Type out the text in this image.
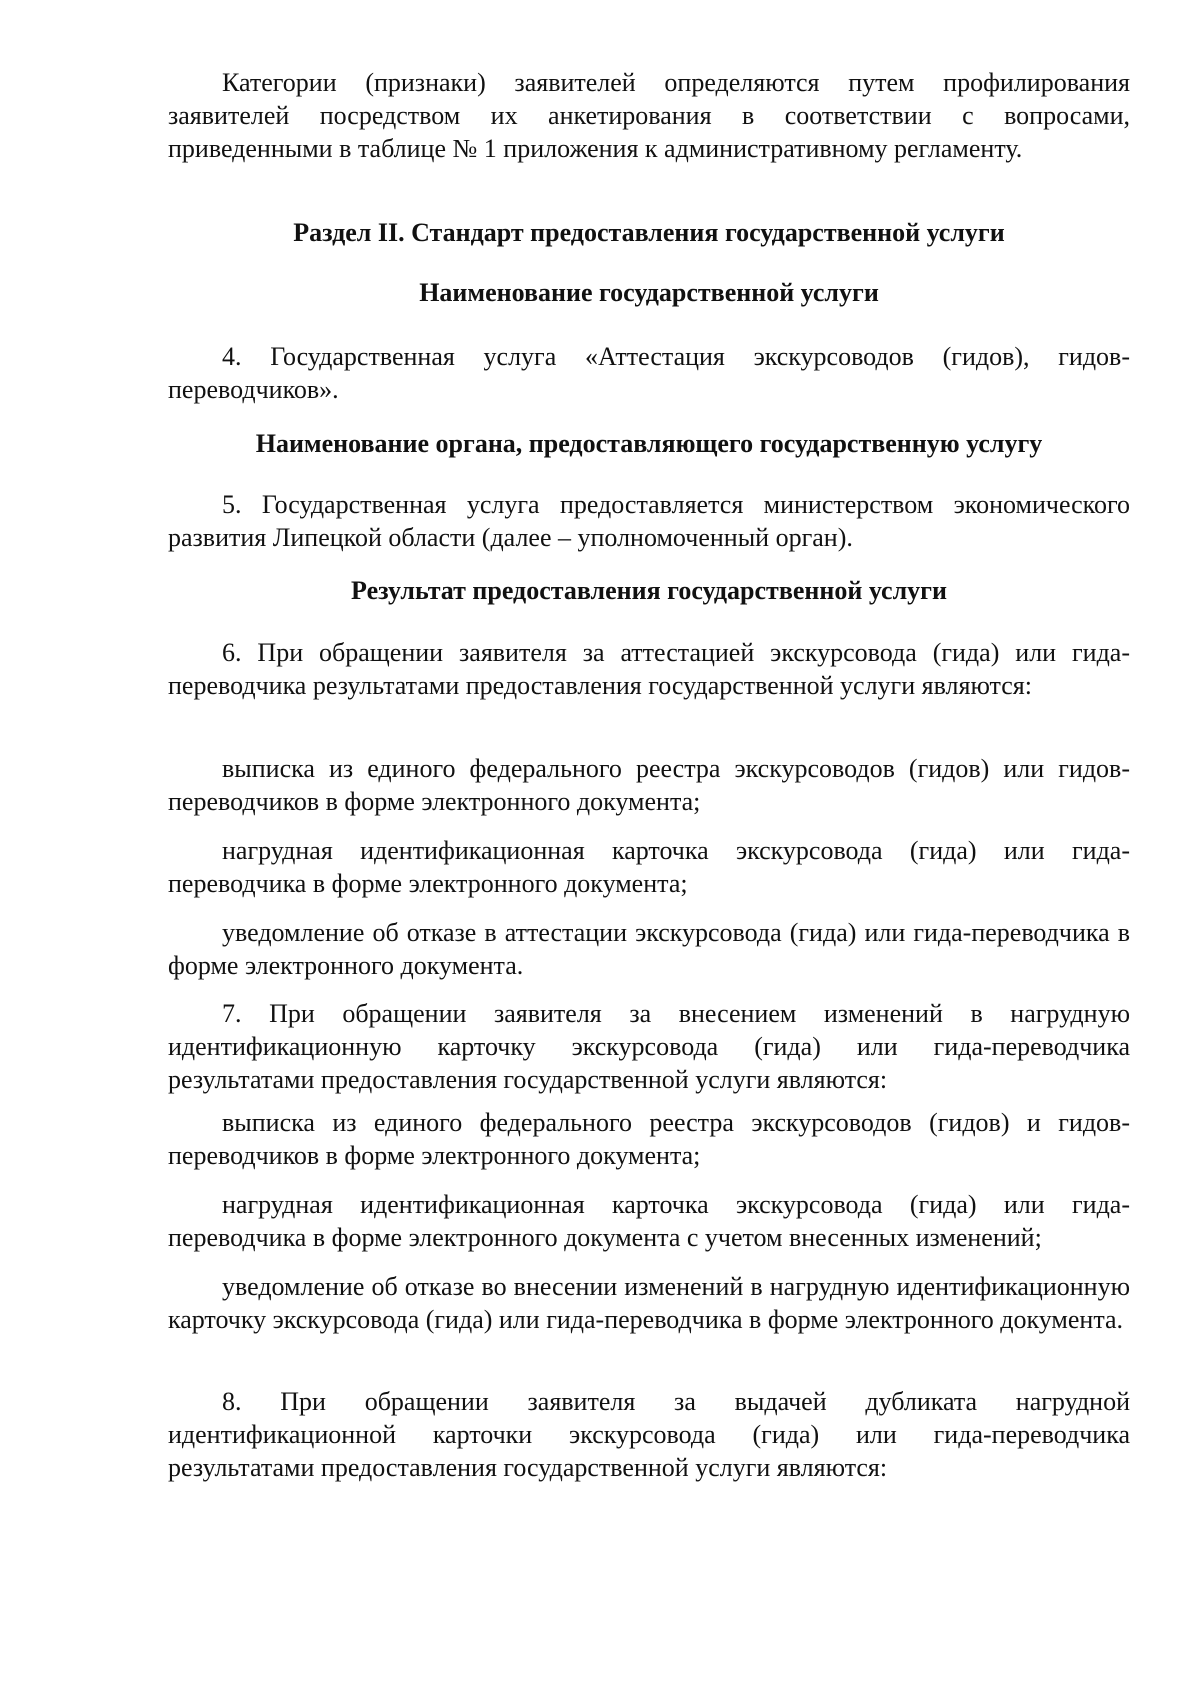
Категории (признаки) заявителей определяются путем профилирования заявителей посредством их анкетирования в соответствии с вопросами, приведенными в таблице № 1 приложения к административному регламенту.

Раздел II. Стандарт предоставления государственной услуги

Наименование государственной услуги

4. Государственная услуга «Аттестация экскурсоводов (гидов), гидов-переводчиков».

Наименование органа, предоставляющего государственную услугу

5. Государственная услуга предоставляется министерством экономического развития Липецкой области (далее – уполномоченный орган).

Результат предоставления государственной услуги

6. При обращении заявителя за аттестацией экскурсовода (гида) или гида-переводчика результатами предоставления государственной услуги являются:

выписка из единого федерального реестра экскурсоводов (гидов) или гидов-переводчиков в форме электронного документа;

нагрудная идентификационная карточка экскурсовода (гида) или гида-переводчика в форме электронного документа;

уведомление об отказе в аттестации экскурсовода (гида) или гида-переводчика в форме электронного документа.

7. При обращении заявителя за внесением изменений в нагрудную идентификационную карточку экскурсовода (гида) или гида-переводчика результатами предоставления государственной услуги являются:

выписка из единого федерального реестра экскурсоводов (гидов) и гидов-переводчиков в форме электронного документа;

нагрудная идентификационная карточка экскурсовода (гида) или гида-переводчика в форме электронного документа с учетом внесенных изменений;

уведомление об отказе во внесении изменений в нагрудную идентификационную карточку экскурсовода (гида) или гида-переводчика в форме электронного документа.

8. При обращении заявителя за выдачей дубликата нагрудной идентификационной карточки экскурсовода (гида) или гида-переводчика результатами предоставления государственной услуги являются:
